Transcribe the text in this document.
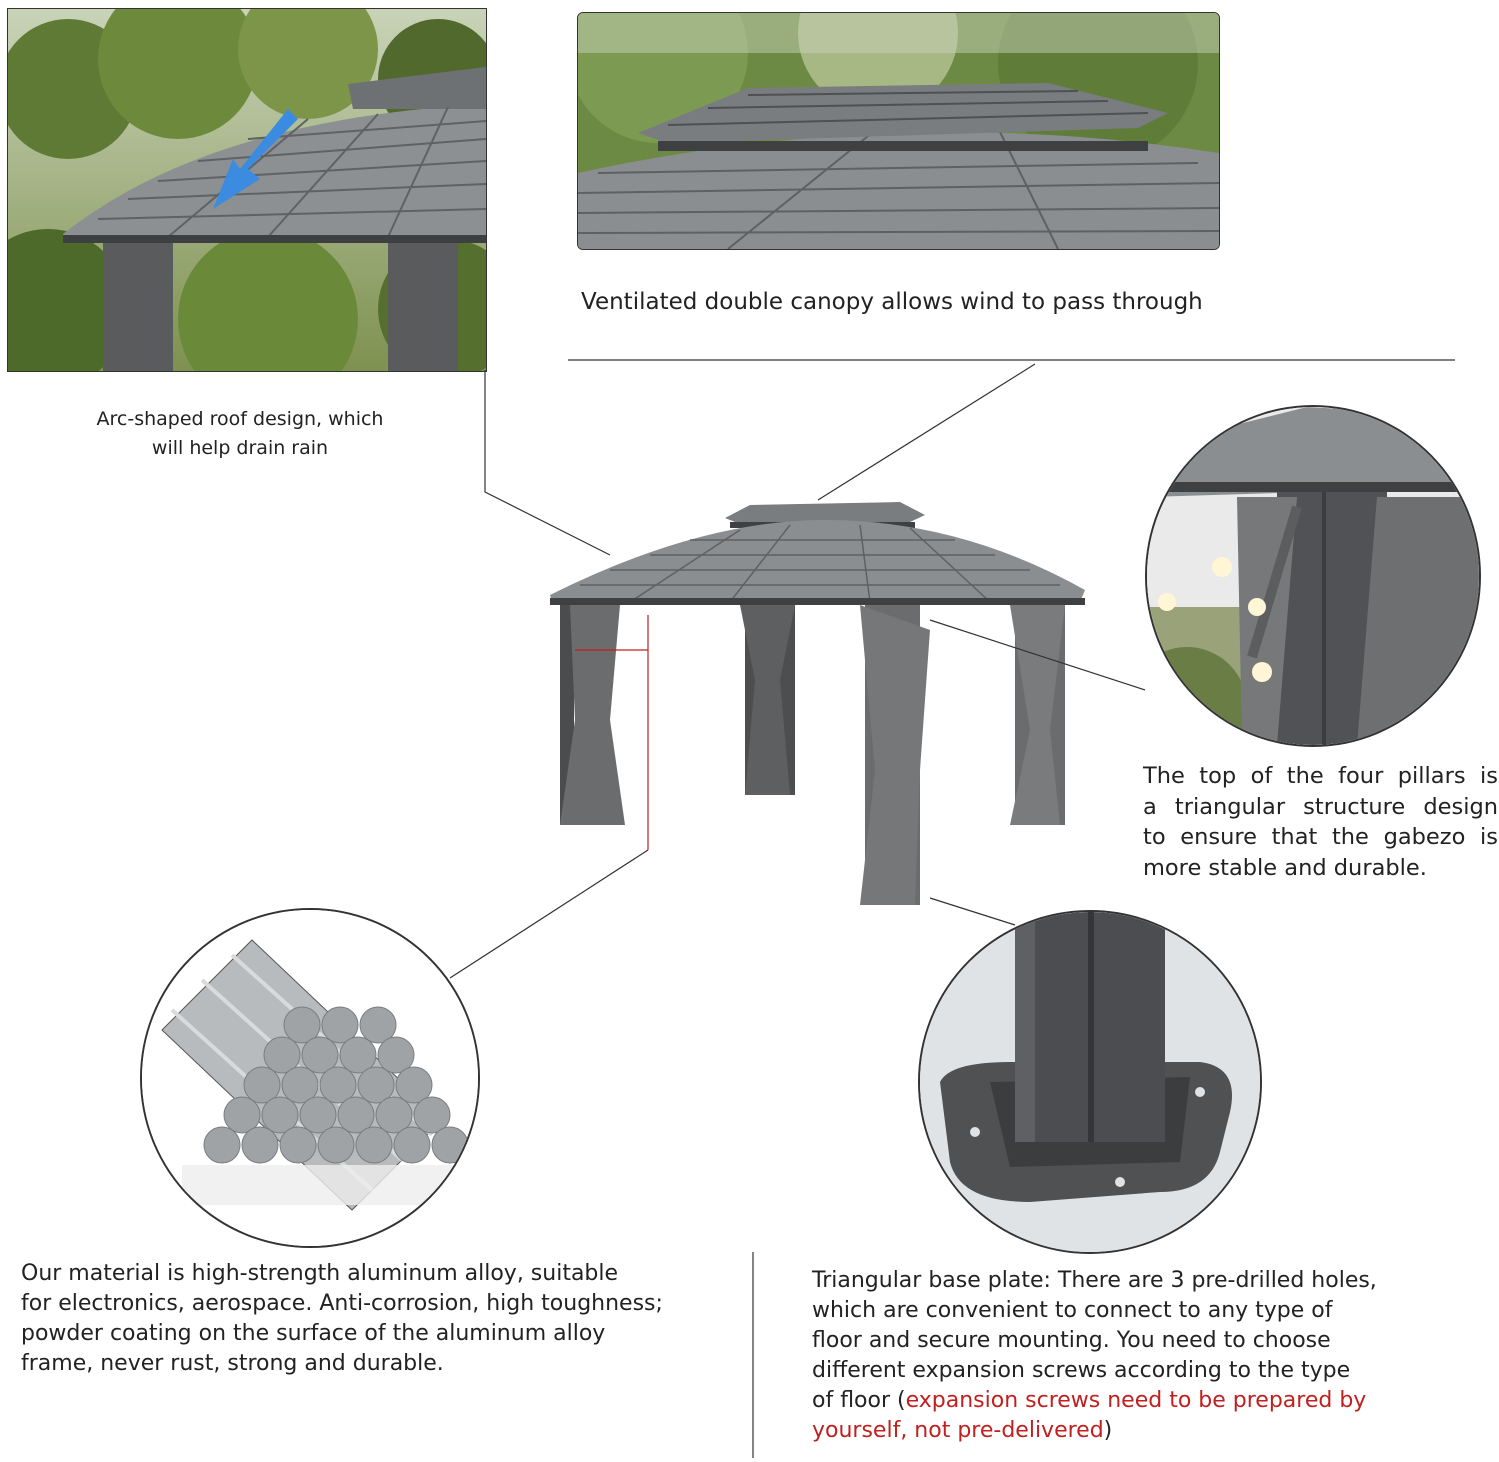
Ventilated double canopy allows wind to pass through
Arc-shaped roof design, which
will help drain rain
The top of the four pillars is
a triangular structure design
to ensure that the gabezo is
more stable and durable.
Our material is high-strength aluminum alloy, suitable
for electronics, aerospace. Anti-corrosion, high toughness;
powder coating on the surface of the aluminum alloy
frame, never rust, strong and durable.
Triangular base plate: There are 3 pre-drilled holes,
which are convenient to connect to any type of
floor and secure mounting. You need to choose
different expansion screws according to the type
of floor (expansion screws need to be prepared by
yourself, not pre-delivered)
